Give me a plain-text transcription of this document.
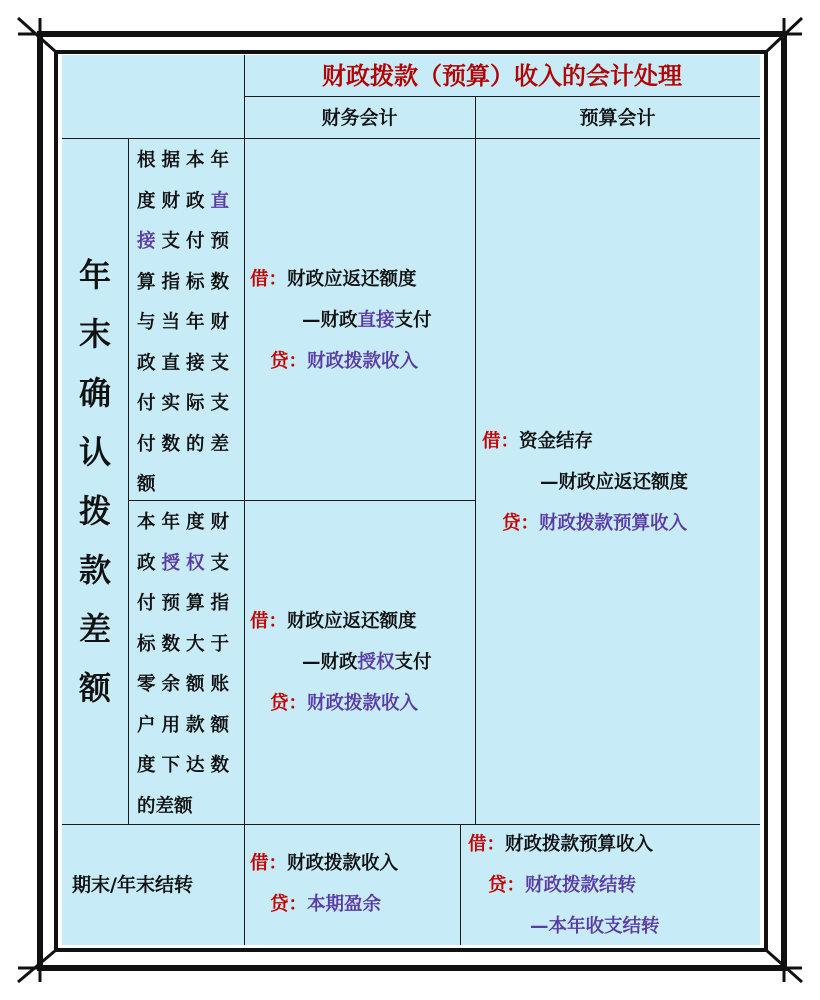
财政拨款（预算）收入的会计处理
财务会计	预算会计
年
末
确
认
拨
款
差
额
根据本年
度财政直
接支付预
算指标数
与当年财
政直接支
付实际支
付数的差
额
借：财政应返还额度
—财政直接支付
贷：财政拨款收入
本年度财
政授权支
付预算指
标数大于
零余额账
户用款额
度下达数
的差额
借：财政应返还额度
—财政授权支付
贷：财政拨款收入
借：资金结存
—财政应返还额度
贷：财政拨款预算收入
期末/年末结转
借：财政拨款收入
贷：本期盈余
借：财政拨款预算收入
贷：财政拨款结转
—本年收支结转
